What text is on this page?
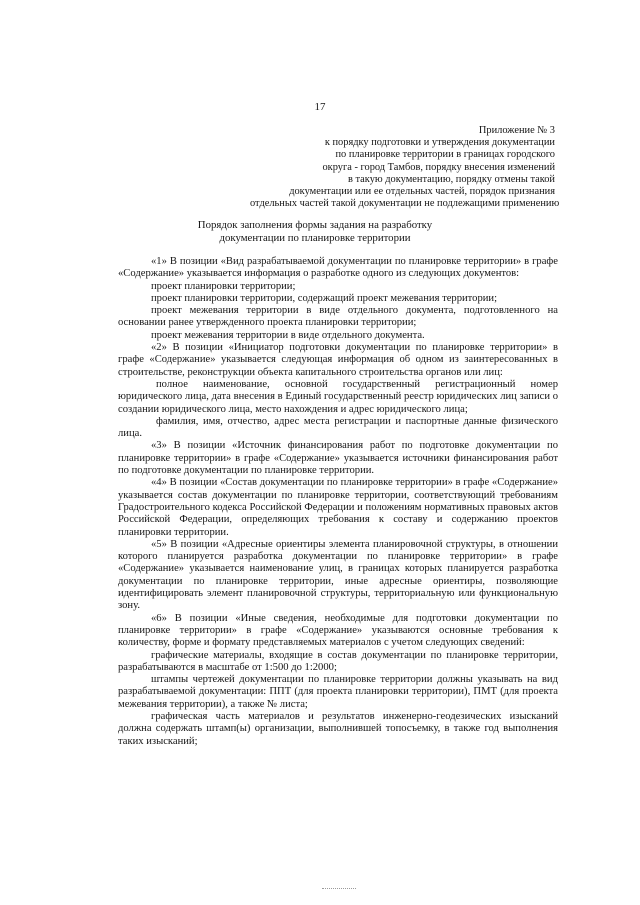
17
Приложение № 3
к порядку подготовки и утверждения документации
по планировке территории в границах городского
округа - город Тамбов, порядку внесения изменений
в такую документацию, порядку отмены такой
документации или ее отдельных частей, порядок признания
отдельных частей такой документации не подлежащими применению
Порядок заполнения формы задания на разработку
документации по планировке территории

«1» В позиции «Вид разрабатываемой документации по планировке территории» в графе «Содержание» указывается информация о разработке одного из следующих документов:

проект планировки территории;

проект планировки территории, содержащий проект межевания территории;

проект межевания территории в виде отдельного документа, подготовленного на основании ранее утвержденного проекта планировки территории;

проект межевания территории в виде отдельного документа.

«2» В позиции «Инициатор подготовки документации по планировке территории» в графе «Содержание» указывается следующая информация об одном из заинтересованных в строительстве, реконструкции объекта капитального строительства органов или лиц:

полное наименование, основной государственный регистрационный номер юридического лица, дата внесения в Единый государственный реестр юридических лиц записи о создании юридического лица, место нахождения и адрес юридического лица;

фамилия, имя, отчество, адрес места регистрации и паспортные данные физического лица.

«3» В позиции «Источник финансирования работ по подготовке документации по планировке территории» в графе «Содержание» указывается источники финансирования работ по подготовке документации по планировке территории.

«4» В позиции «Состав документации по планировке территории» в графе «Содержание» указывается состав документации по планировке территории, соответствующий требованиям Градостроительного кодекса Российской Федерации и положениям нормативных правовых актов Российской Федерации, определяющих требования к составу и содержанию проектов планировки территории.

«5» В позиции «Адресные ориентиры элемента планировочной структуры, в отношении которого планируется разработка документации по планировке территории» в графе «Содержание» указывается наименование улиц, в границах которых планируется разработка документации по планировке территории, иные адресные ориентиры, позволяющие идентифицировать элемент планировочной структуры, территориальную или функциональную зону.

«6» В позиции «Иные сведения, необходимые для подготовки документации по планировке территории» в графе «Содержание» указываются основные требования к количеству, форме и формату представляемых материалов с учетом следующих сведений:

графические материалы, входящие в состав документации по планировке территории, разрабатываются в масштабе от 1:500 до 1:2000;

штампы чертежей документации по планировке территории должны указывать на вид разрабатываемой документации: ППТ (для проекта планировки территории), ПМТ (для проекта межевания территории), а также № листа;

графическая часть материалов и результатов инженерно-геодезических изысканий должна содержать штамп(ы) организации, выполнившей топосъемку, в также год выполнения таких изысканий;
